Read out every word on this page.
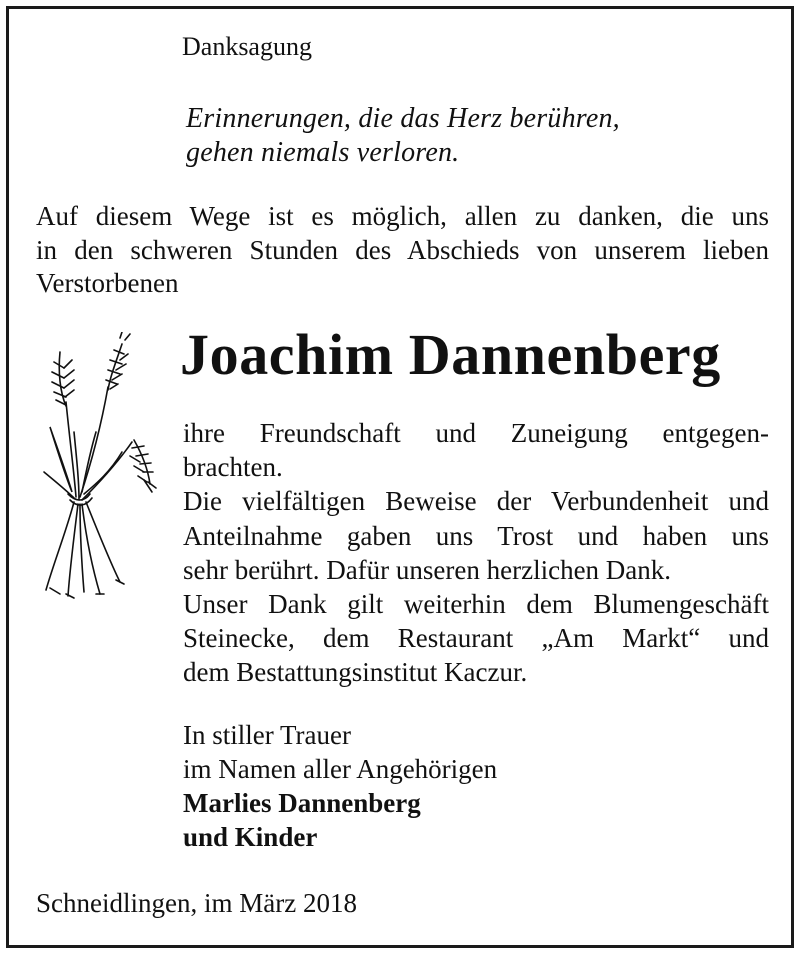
Danksagung
Erinnerungen, die das Herz berühren,
gehen niemals verloren.
Auf diesem Wege ist es möglich, allen zu danken, die uns
in den schweren Stunden des Abschieds von unserem lieben
Verstorbenen
Joachim Dannenberg
ihre Freundschaft und Zuneigung entgegen-
brachten.
Die vielfältigen Beweise der Verbundenheit und
Anteilnahme gaben uns Trost und haben uns
sehr berührt. Dafür unseren herzlichen Dank.
Unser Dank gilt weiterhin dem Blumengeschäft
Steinecke, dem Restaurant „Am Markt“ und
dem Bestattungsinstitut Kaczur.
In stiller Trauer
im Namen aller Angehörigen
Marlies Dannenberg
und Kinder
Schneidlingen, im März 2018
